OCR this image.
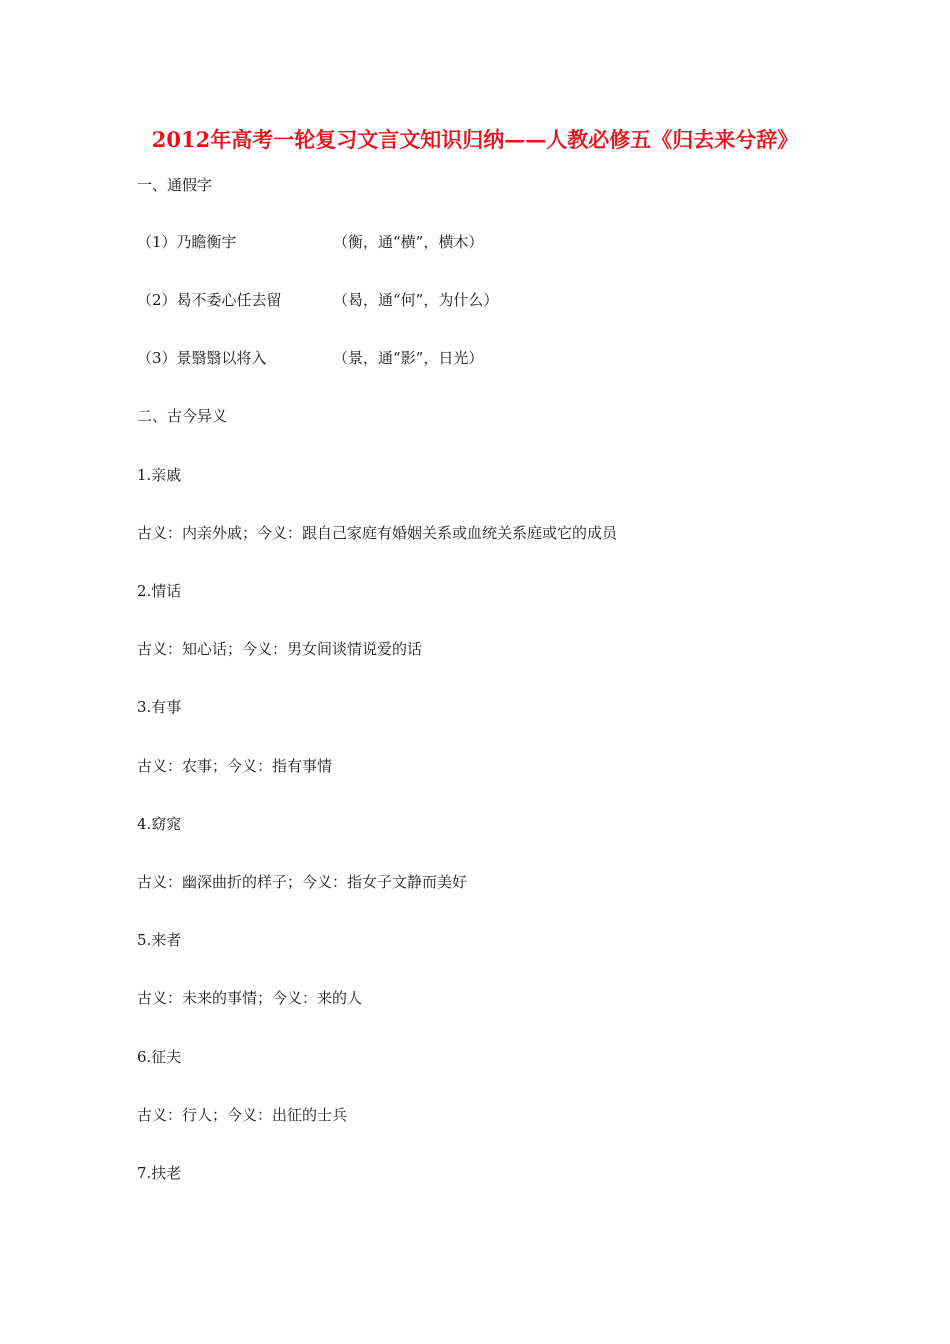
2012年高考一轮复习文言文知识归纳——人教必修五《归去来兮辞》
一、通假字
（1）乃瞻衡宇	（衡，通“横”，横木）
（2）曷不委心任去留	（曷，通“何”，为什么）
（3）景翳翳以将入	（景，通“影”，日光）
二、古今异义
1.亲戚
古义：内亲外戚；今义：跟自己家庭有婚姻关系或血统关系庭或它的成员
2.情话
古义：知心话；今义：男女间谈情说爱的话
3.有事
古义：农事；今义：指有事情
4.窈窕
古义：幽深曲折的样子；今义：指女子文静而美好
5.来者
古义：未来的事情；今义：来的人
6.征夫
古义：行人；今义：出征的士兵
7.扶老
